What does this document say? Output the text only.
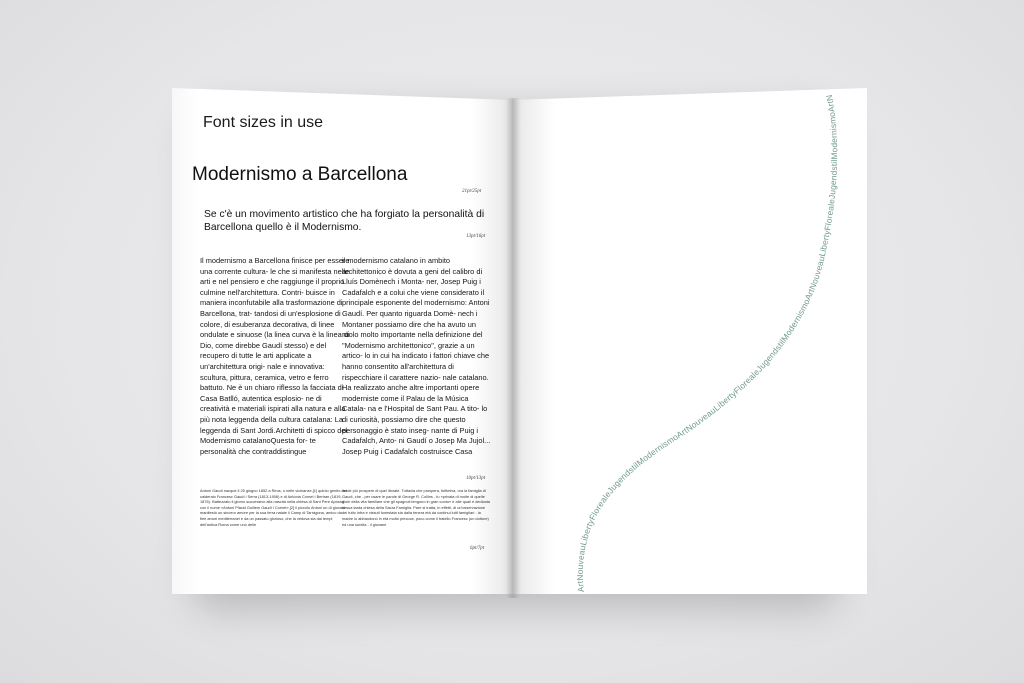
Font sizes in use
Modernismo a Barcellona
21pt/25pt
Se c'è un movimento artistico che ha forgiato la personalità di Barcellona quello è il Modernismo.
13pt/16pt

Il modernismo a Barcellona finisce per essere una corrente cultura- le che si manifesta nelle arti e nel pensiero e che raggiunge il proprio culmine nell'architettura. Contri- buisce in maniera inconfutabile alla trasformazione di Barcellona, trat- tandosi di un'esplosione di colore, di esuberanza decorativa, di linee ondulate e sinuose (la linea curva è la linea di Dio, come direbbe Gaudí stesso) e del recupero di tutte le arti applicate a un'architettura origi- nale e innovativa: scultura, pittura, ceramica, vetro e ferro battuto. Ne è un chiaro riflesso la facciata di Casa Batlló, autentica esplosio- ne di creatività e materiali ispirati alla natura e alla più nota leggenda della cultura catalana: La leggenda di Sant Jordi.Architetti di spicco del Modernismo catalanoQuesta for- te personalità che contraddistingue

il modernismo catalano in ambito architettonico è dovuta a geni del calibro di Lluís Domènech i Monta- ner, Josep Puig i Cadafalch e a colui che viene considerato il principale esponente del modernismo: Antoni Gaudí. Per quanto riguarda Domè- nech i Montaner possiamo dire che ha avuto un ruolo molto importante nella definizione del "Modernismo architettonico", grazie a un artico- lo in cui ha indicato i fattori chiave che hanno consentito all'architettura di rispecchiare il carattere nazio- nale catalano. Ha realizzato anche altre importanti opere moderniste come il Palau de la Música Catala- na e l'Hospital de Sant Pau. A tito- lo di curiosità, possiamo dire che questo personaggio è stato inseg- nante di Puig i Cadafalch, Anto- ni Gaudí o Josep Ma Jujol... Josep Puig i Cadafalch costruisce Casa

10pt/13pt

Antoni Gaudí nacque il 25 giugno 1852 a Reus, o nelle vicinanze,[1] quinto genito del calderaio Francesc Gaudí i Serra (1813-1906) e di Antònia Cornet i Bertran (1819-1876). Battezzato il giorno successivo alla nascita nella chiesa di Sant Pere Apòstol con il nome «Antoni Plàcid Guillem Gaudí i Cornet»,[2] il piccolo Antoni un dì giovane manifestò un sincero amore per la sua terra natale il Camp di Tarragona, amico da fieri amori mediterranei e da un passato glorioso, che la vedova sia dai tempi dell'antica Roma come uno delle

lande più prospere di quel litorale. Tuttavia che prospera, fulfimiva, ora la famiglia di Gaudí, che - per usare le parole di George R. Collins - fu «privata di molte di quelle gioie della vita familiare che gli spagnoli tengono in gran conto» e alle quali è dedicata la sua tarda chiesa della Sacra Famiglia. Pare si tratta, in effetti, di un'osservazione dei tutto infra e vissuti funestata sia dalla tenera età da continui lutti famigliari - la madre lo abbandonò in età molto precoce, poco come il fratello Francesc (un dottore) ed una sorella - il giovane

6pt/7pt
ArtNouveauLibertyFlorealeJugendstilModernismoArtNouveauLibertyFlorealeJugendstilModernismoArtNouveauLibertyFlorealeJugendstilModernismoArtNouveauLibertyFloreale
